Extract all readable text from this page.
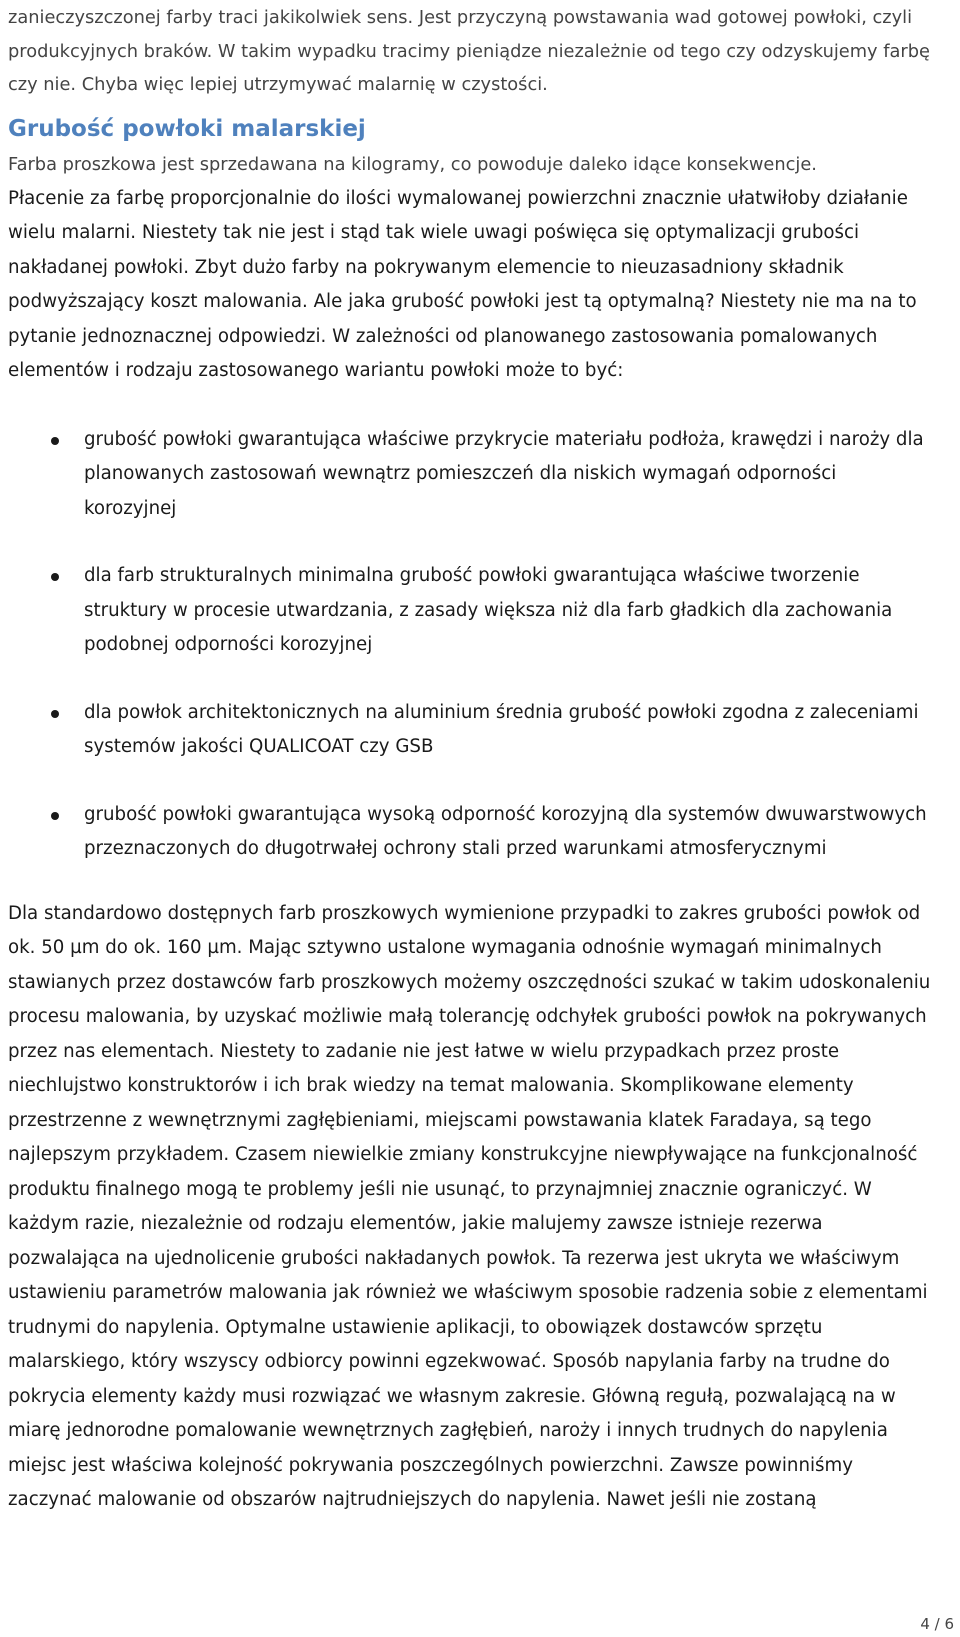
zanieczyszczonej farby traci jakikolwiek sens. Jest przyczyną powstawania wad gotowej powłoki, czyli produkcyjnych braków. W takim wypadku tracimy pieniądze niezależnie od tego czy odzyskujemy farbę czy nie. Chyba więc lepiej utrzymywać malarnię w czystości.

Grubość powłoki malarskiej

Farba proszkowa jest sprzedawana na kilogramy, co powoduje daleko idące konsekwencje.

Płacenie za farbę proporcjonalnie do ilości wymalowanej powierzchni znacznie ułatwiłoby działanie wielu malarni. Niestety tak nie jest i stąd tak wiele uwagi poświęca się optymalizacji grubości nakładanej powłoki. Zbyt dużo farby na pokrywanym elemencie to nieuzasadniony składnik podwyższający koszt malowania. Ale jaka grubość powłoki jest tą optymalną? Niestety nie ma na to pytanie jednoznacznej odpowiedzi. W zależności od planowanego zastosowania pomalowanych elementów i rodzaju zastosowanego wariantu powłoki może to być:

grubość powłoki gwarantująca właściwe przykrycie materiału podłoża, krawędzi i naroży dla planowanych zastosowań wewnątrz pomieszczeń dla niskich wymagań odporności korozyjnej
dla farb strukturalnych minimalna grubość powłoki gwarantująca właściwe tworzenie struktury w procesie utwardzania, z zasady większa niż dla farb gładkich dla zachowania podobnej odporności korozyjnej
dla powłok architektonicznych na aluminium średnia grubość powłoki zgodna z zaleceniami systemów jakości QUALICOAT czy GSB
grubość powłoki gwarantująca wysoką odporność korozyjną dla systemów dwuwarstwowych przeznaczonych do długotrwałej ochrony stali przed warunkami atmosferycznymi

Dla standardowo dostępnych farb proszkowych wymienione przypadki to zakres grubości powłok od ok. 50 µm do ok. 160 µm. Mając sztywno ustalone wymagania odnośnie wymagań minimalnych stawianych przez dostawców farb proszkowych możemy oszczędności szukać w takim udoskonaleniu procesu malowania, by uzyskać możliwie małą tolerancję odchyłek grubości powłok na pokrywanych przez nas elementach. Niestety to zadanie nie jest łatwe w wielu przypadkach przez proste niechlujstwo konstruktorów i ich brak wiedzy na temat malowania. Skomplikowane elementy przestrzenne z wewnętrznymi zagłębieniami, miejscami powstawania klatek Faradaya, są tego najlepszym przykładem. Czasem niewielkie zmiany konstrukcyjne niewpływające na funkcjonalność produktu finalnego mogą te problemy jeśli nie usunąć, to przynajmniej znacznie ograniczyć. W każdym razie, niezależnie od rodzaju elementów, jakie malujemy zawsze istnieje rezerwa pozwalająca na ujednolicenie grubości nakładanych powłok. Ta rezerwa jest ukryta we właściwym ustawieniu parametrów malowania jak również we właściwym sposobie radzenia sobie z elementami trudnymi do napylenia. Optymalne ustawienie aplikacji, to obowiązek dostawców sprzętu malarskiego, który wszyscy odbiorcy powinni egzekwować. Sposób napylania farby na trudne do pokrycia elementy każdy musi rozwiązać we własnym zakresie. Główną regułą, pozwalającą na w miarę jednorodne pomalowanie wewnętrznych zagłębień, naroży i innych trudnych do napylenia miejsc jest właściwa kolejność pokrywania poszczególnych powierzchni. Zawsze powinniśmy zaczynać malowanie od obszarów najtrudniejszych do napylenia. Nawet jeśli nie zostaną

4 / 6
